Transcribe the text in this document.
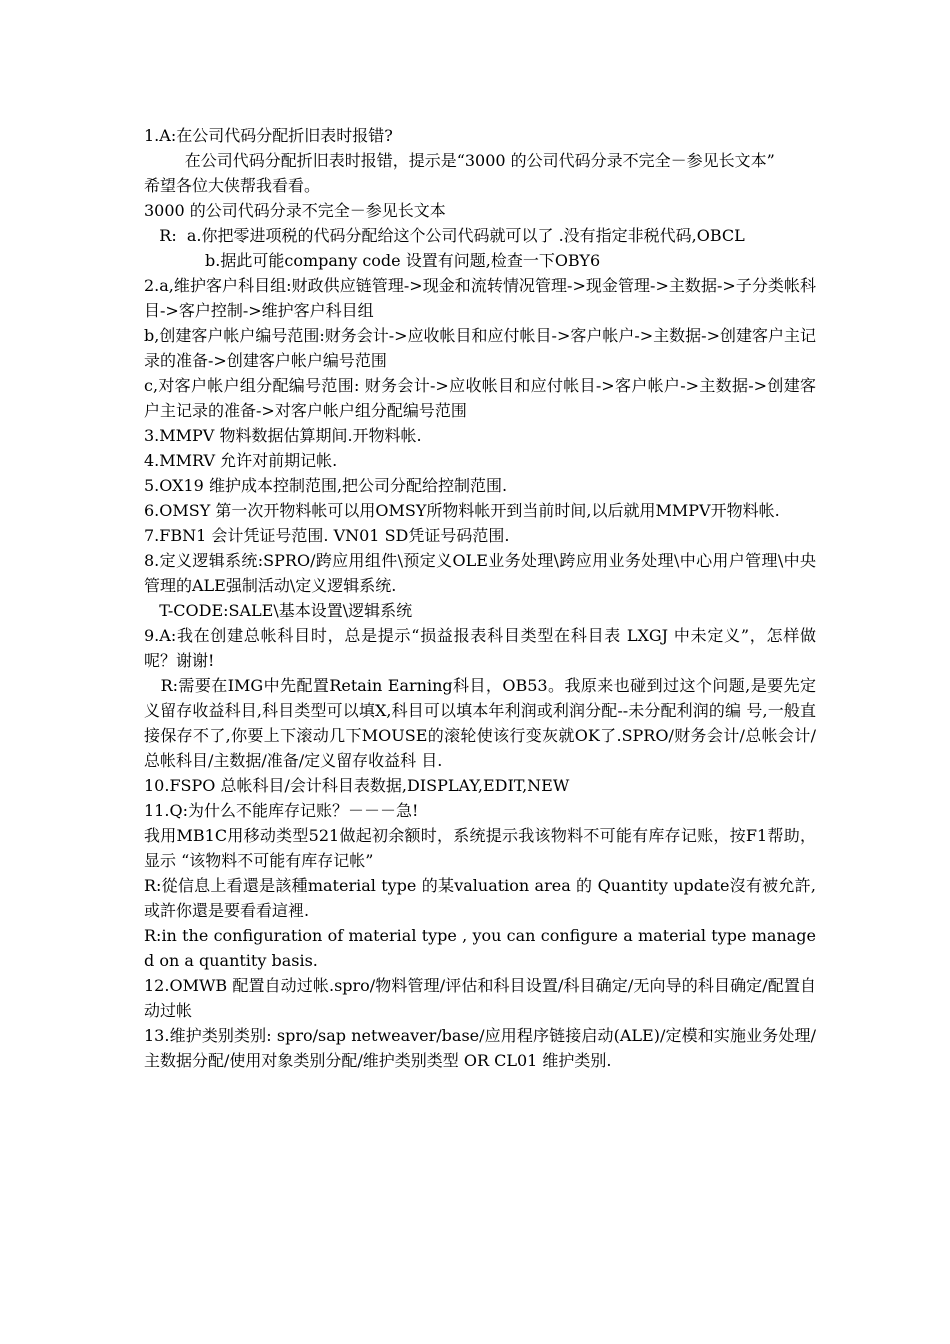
1.A:在公司代码分配折旧表时报错?

在公司代码分配折旧表时报错，提示是“3000 的公司代码分录不完全－参见长文本”

希望各位大侠帮我看看。

3000 的公司代码分录不完全－参见长文本

R:  a.你把零进项税的代码分配给这个公司代码就可以了 .没有指定非税代码,OBCL

b.据此可能company code 设置有问题,检查一下OBY6

2.a,维护客户科目组:财政供应链管理->现金和流转情况管理->现金管理->主数据->子分类帐科目->客户控制->维护客户科目组

b,创建客户帐户编号范围:财务会计->应收帐目和应付帐目->客户帐户->主数据->创建客户主记录的准备->创建客户帐户编号范围

c,对客户帐户组分配编号范围: 财务会计->应收帐目和应付帐目->客户帐户->主数据->创建客户主记录的准备->对客户帐户组分配编号范围

3.MMPV 物料数据估算期间.开物料帐.

4.MMRV 允许对前期记帐.

5.OX19 维护成本控制范围,把公司分配给控制范围.

6.OMSY 第一次开物料帐可以用OMSY所物料帐开到当前时间,以后就用MMPV开物料帐.

7.FBN1 会计凭证号范围. VN01 SD凭证号码范围.

8.定义逻辑系统:SPRO/跨应用组件\预定义OLE业务处理\跨应用业务处理\中心用户管理\中央管理的ALE强制活动\定义逻辑系统.

T-CODE:SALE\基本设置\逻辑系统

9.A:我在创建总帐科目时，总是提示“损益报表科目类型在科目表 LXGJ 中未定义”，怎样做呢？谢谢!

R:需要在IMG中先配置Retain Earning科目，OB53。我原来也碰到过这个问题,是要先定义留存收益科目,科目类型可以填X,科目可以填本年利润或利润分配--未分配利润的编 号,一般直接保存不了,你要上下滚动几下MOUSE的滚轮使该行变灰就OK了.SPRO/财务会计/总帐会计/总帐科目/主数据/准备/定义留存收益科 目.

10.FSPO 总帐科目/会计科目表数据,DISPLAY,EDIT,NEW

11.Q:为什么不能库存记账？－－－急!

我用MB1C用移动类型521做起初余额时，系统提示我该物料不可能有库存记账，按F1帮助，显示 “该物料不可能有库存记帐”

R:從信息上看還是該種material type 的某valuation area 的 Quantity update沒有被允許,或許你還是要看看這裡.

R:in the configuration of material type , you can configure a material type managed on a quantity basis.

12.OMWB 配置自动过帐.spro/物料管理/评估和科目设置/科目确定/无向导的科目确定/配置自动过帐

13.维护类别类别: spro/sap netweaver/base/应用程序链接启动(ALE)/定模和实施业务处理/主数据分配/使用对象类别分配/维护类别类型 OR CL01 维护类别.
